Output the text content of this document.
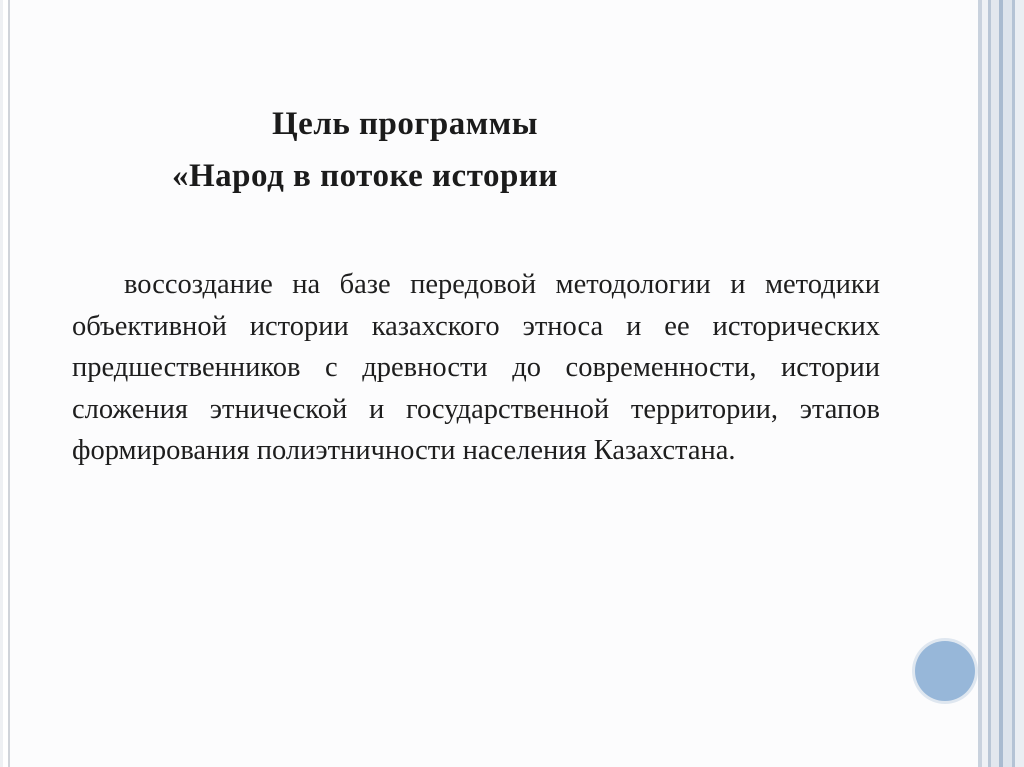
Цель программы
«Народ в потоке истории

воссоздание на базе передовой методологии и методики объективной истории казахского этноса и ее исторических предшественников с древности до современности, истории сложения этнической и государственной территории, этапов формирования полиэтничности населения Казахстана.
